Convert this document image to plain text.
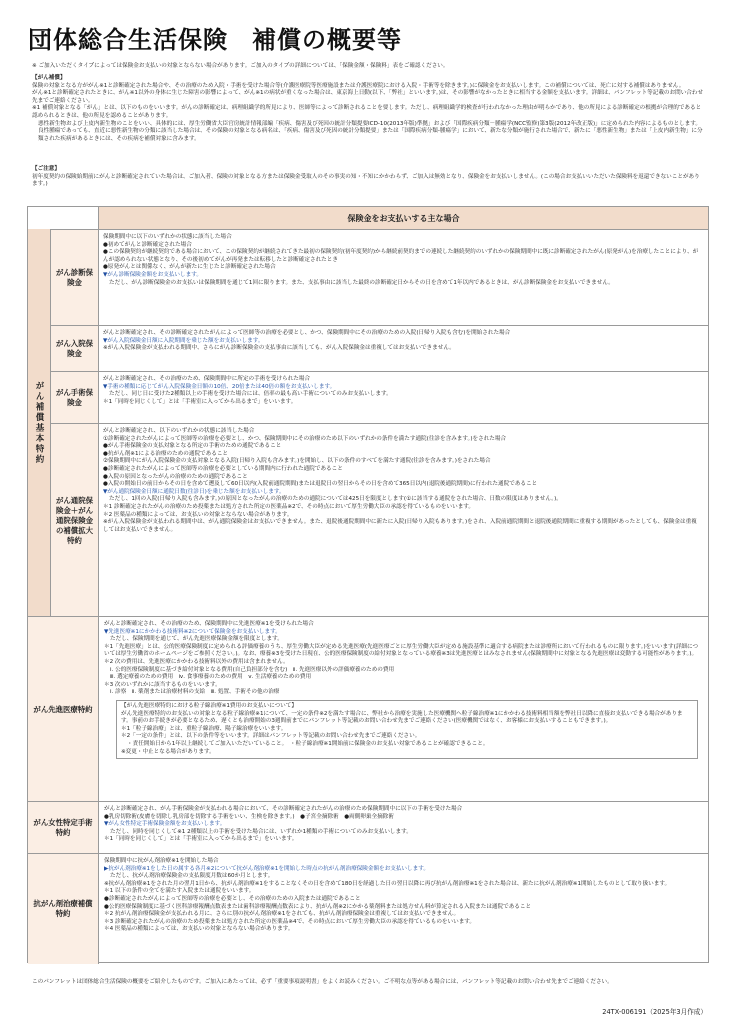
団体総合生活保険 補償の概要等
※ ご加入いただくタイプによっては保険金お支払いの対象とならない場合があります。ご加入のタイプの詳細については、「保険金額・保険料」表をご確認ください。
【がん補償】
保険の対象となる方ががん※1と診断確定された場合や、その治療のため入院・手術を受けた場合等(介護医療院等医療施設または介護医療院における入院・手術等を除きます。)に保険金をお支払いします。この補償については、死亡に対する補償はありません。
がん※1と診断確定されたときに、がん※1以外の身体に生じた障害の影響によって、がん※1の病状が重くなった場合は、東京海上日動(以下、「弊社」といいます。)は、その影響がなかったときに相当する金額を支払います。詳細は、パンフレット等記載のお問い合わせ先までご連絡ください。
※1 補償対象となる「がん」とは、以下のものをいいます。がんの診断確定は、病理組織学的所見により、医師等によって診断されることを要します。ただし、病理組織学的検査が行われなかった理由が明らかであり、他の所見による診断確定の根拠が合理的であると認められるときは、他の所見を認めることがあります。
悪性新生物および上皮内新生物のことをいい、具体的には、厚生労働省大臣官房統計情報部編「疾病、傷害及び死因の統計分類提要ICD-10(2013年版)準拠」および「国際疾病分類－腫瘍学(NCC監修)第3版(2012年改正版)」に定められた内容によるものとします。良性腫瘍であっても、直近に悪性新生物の分類に該当した場合は、その保険の対象となる病名は、「疾病、傷害及び死因の統計分類提要」または「国際疾病分類-腫瘍学」において、新たな分類が施行された場合で、新たに「悪性新生物」または「上皮内新生物」に分類された疾病があるときには、その疾病を補償対象に含みます。
【ご注意】
初年度契約の保険始期前にがんと診断確定されていた場合は、ご加入者、保険の対象となる方または保険金受取人のその事実の知・不知にかかわらず、ご加入は無効となり、保険金をお支払いしません。(この場合お支払いいただいた保険料を返還できないことがあります。)
保険金をお支払いする主な場合
がん補償基本特約
がん診断保険金

保険期間中に以下のいずれかの状態に該当した場合

●初めてがんと診断確定された場合

●この保険契約が継続契約である場合において、この保険契約が継続されてきた最初の保険契約(初年度契約)から継続前契約までの連続した継続契約のいずれかの保険期間中に既に診断確定されたがん(原発がん)を治療したことにより、がんが認められない状態となり、その後初めてがんが再発または転移したと診断確定されたとき

●原発がんとは関係なく、がんが新たに生じたと診断確定された場合

▼がん診断保険金額をお支払いします。

ただし、がん診断保険金のお支払いは保険期間を通じて1回に限ります。また、支払事由に該当した最終の診断確定日からその日を含めて1年以内であるときは、がん診断保険金をお支払いできません。

がん入院保険金

がんと診断確定され、その診断確定されたがんによって医師等の治療を必要とし、かつ、保険期間中にその治療のための入院(日帰り入院も含む)を開始された場合

▼がん入院保険金日額に入院期間を乗じた額をお支払いします。

※がん入院保険金が支払われる期間中、さらにがん診断保険金の支払事由に該当しても、がん入院保険金は重複してはお支払いできません。

がん手術保険金

がんと診断確定され、その治療のため、保険期間中に所定の手術を受けられた場合

▼手術の種類に応じてがん入院保険金日額の10倍、20倍または40倍の額をお支払いします。

ただし、同じ日に受けた2種類以上の手術を受けた場合には、倍率の最も高い手術についてのみお支払いします。

＊1「同時を同じくして」とは「手術室に入ってから出るまで」をいいます。

がん通院保険金＋がん通院保険金の補償拡大特約

がんと診断確定され、以下のいずれかの状態に該当した場合

①診断確定されたがんによって医師等の治療を必要とし、かつ、保険期間中にその治療のため以下のいずれかの条件を満たす通院(往診を含みます。)をされた場合

●がん手術保険金の支払対象となる所定の手術のための通院であること

●抗がん剤※1による治療のための通院であること

②保険期間中にがん入院保険金の支払対象となる入院(日帰り入院も含みます。)を開始し、以下の条件のすべてを満たす通院(往診を含みます。)をされた場合

●診断確定されたがんによって医師等の治療を必要としている期間内に行われた通院であること

●入院の原因となったがんの治療のための通院であること

●入院の開始日の前日からその日を含めて遡及して60日以内(入院前通院期間)または退院日の翌日からその日を含めて365日以内(退院後通院期間)に行われた通院であること

▼がん通院保険金日額に通院日数(往診日)を乗じた額をお支払いします。

ただし、1回の入院(日帰り入院も含みます。)の原因となったがんの治療のための通院については425日を限度とします(①に該当する通院をされた場合、日数の限度はありません。)。

＊1 診断確定されたがんの治療のため投薬または処方された所定の医薬品※2で、その時点において厚生労働大臣の承認を得ているものをいいます。

＊2 医薬品の種類によっては、お支払いの対象とならない場合があります。

※がん入院保険金が支払われる期間中は、がん通院保険金はお支払いできません。また、退院後通院期間中に新たに入院(日帰り入院もあります。)をされ、入院前通院期間と退院後通院期間に重複する期間があったとしても、保険金は重複してはお支払いできません。

がん先進医療特約

がんと診断確定され、その治療のため、保険期間中に先進医療※1を受けられた場合

▼先進医療※1にかかわる技術料※2について保険金をお支払いします。

ただし、保険期間を通じて、がん先進医療保険金額を限度とします。

＊1「先進医療」とは、公的医療保険制度に定められる評価療養のうち、厚生労働大臣が定める先進医療(先進医療ごとに厚生労働大臣が定める施設基準に適合する病院または診療所において行われるものに限ります。)をいいます(詳細については厚生労働省のホームページをご参照ください。)。なお、療養※3を受けた日現在、公的医療保険制度の給付対象となっている療養※3は先進医療とはみなされません(保険期間中に対象となる先進医療は変動する可能性があります。)。

＊2 次の費用は、先進医療にかかわる技術料以外の費用は含まれません。

ⅰ. 公的医療保険制度に基づき給付対象となる費用(自己負担部分を含む)　ⅱ. 先進医療以外の評価療養のための費用

ⅲ. 選定療養のための費用　ⅳ. 食事療養のための費用　ⅴ. 生活療養のための費用

＊3 次のいずれかに該当するものをいいます。

ⅰ. 診察　ⅱ. 薬剤または治療材料の支給　ⅲ. 処置、手術その他の治療

【がん先進医療特約における粒子線治療※1費用のお支払いについて】

がん先進医療特約のお支払いの対象となる粒子線治療※1について、一定の条件※2を満たす場合に、弊社から治療を実施した医療機関へ粒子線治療※1にかかわる技術料相当額を弊社日以降に直接お支払いできる場合があります。事前のお手続きが必要となるため、遅くとも治療開始の3週間前までにパンフレット等記載のお問い合わせ先までご連絡ください(医療機関ではなく、お客様にお支払いすることもできます。)。

＊1「粒子線治療」とは、重粒子線治療、陽子線治療をいいます。

＊2「一定の条件」とは、以下の条件等をいいます。詳細はパンフレット等記載のお問い合わせ先までご連絡ください。

・責任開始日から1年以上継続してご加入いただいていること。　・粒子線治療※1開始前に保険金のお支払い対象であることが確認できること。

※変更・中止となる場合があります。

がん女性特定手術特約

がんと診断確定され、がん手術保険金が支払われる場合において、その診断確定されたがんの治療のため保険期間中に以下の手術を受けた場合

●乳房切除術(皮膚を切除し乳房部を切除する手術をいい、生検を除きます。)　●子宮全摘除術　●両側卵巣全摘除術

▼がん女性特定手術保険金額をお支払いします。

ただし、同時を同じくして※1 2種類以上の手術を受けた場合には、いずれか1種類の手術についてのみお支払いします。

＊1「同時を同じくして」とは「手術室に入ってから出るまで」をいいます。

抗がん剤治療補償特約

保険期間中に抗がん剤治療※1を開始した場合

▶抗がん剤治療※1をした日の属する各月※2について抗がん剤治療※1を開始した時点の抗がん剤治療保険金額をお支払いします。

ただし、抗がん剤治療保険金の支払限度月数は60か月とします。

※抗がん剤治療※1をされた月の翌月1日から、抗がん剤治療※1をすることなくその日を含めて180日を経過した日の翌日以降に再び抗がん剤治療※1をされた場合は、新たに抗がん剤治療※1開始したものとして取り扱います。

＊1 以下の条件の全てを満たす入院または通院をいいます。

●診断確定されたがんによって医師等の治療を必要とし、その治療のための入院または通院であること

●公的医療保険制度に基づく医科診療報酬点数表または歯科診療報酬点数表により、抗がん剤※2にかかる薬剤料または処方せん料が算定される入院または通院であること

＊2 抗がん剤治療保険金が支払われる月に、さらに別の抗がん剤治療※1をされても、抗がん剤治療保険金は重複してはお支払いできません。

＊3 診断確定されたがんの治療のため投薬または処方された所定の医薬品※4で、その時点において厚生労働大臣の承認を得ているものをいいます。

＊4 医薬品の種類によっては、お支払いの対象とならない場合があります。

このパンフレットは団体総合生活保険の概要をご紹介したものです。ご加入にあたっては、必ず「重要事項説明書」をよくお読みください。ご不明な点等がある場合には、パンフレット等記載のお問い合わせ先までご連絡ください。
24TX-006191（2025年3月作成）
